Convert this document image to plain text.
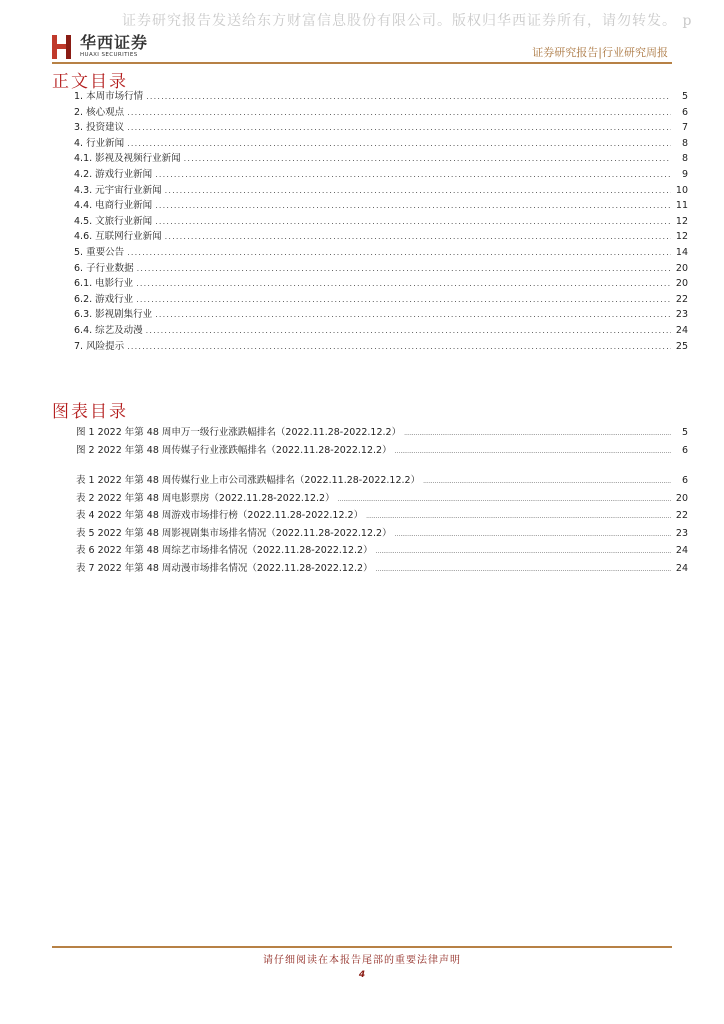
证券研究报告发送给东方财富信息股份有限公司。版权归华西证券所有，请勿转发。 p
华西证券
HUAXI SECURITIES	证券研究报告|行业研究周报
正文目录
1. 本周市场行情 .....	5
2. 核心观点 .....	6
3. 投资建议 .....	7
4. 行业新闻 .....	8
4.1. 影视及视频行业新闻 .....	8
4.2. 游戏行业新闻 .....	9
4.3. 元宇宙行业新闻 .....	10
4.4. 电商行业新闻 .....	11
4.5. 文旅行业新闻 .....	12
4.6. 互联网行业新闻 .....	12
5. 重要公告 .....	14
6. 子行业数据 .....	20
6.1. 电影行业 .....	20
6.2. 游戏行业 .....	22
6.3. 影视剧集行业 .....	23
6.4. 综艺及动漫 .....	24
7. 风险提示 .....	25
图表目录
图 1 2022 年第 48 周申万一级行业涨跌幅排名（2022.11.28-2022.12.2） .....	5
图 2 2022 年第 48 周传媒子行业涨跌幅排名（2022.11.28-2022.12.2） .....	6
表 1 2022 年第 48 周传媒行业上市公司涨跌幅排名（2022.11.28-2022.12.2） .....	6
表 2 2022 年第 48 周电影票房（2022.11.28-2022.12.2） .....	20
表 4 2022 年第 48 周游戏市场排行榜（2022.11.28-2022.12.2） .....	22
表 5 2022 年第 48 周影视剧集市场排名情况（2022.11.28-2022.12.2） .....	23
表 6 2022 年第 48 周综艺市场排名情况（2022.11.28-2022.12.2） .....	24
表 7 2022 年第 48 周动漫市场排名情况（2022.11.28-2022.12.2） .....	24
请仔细阅读在本报告尾部的重要法律声明
4
